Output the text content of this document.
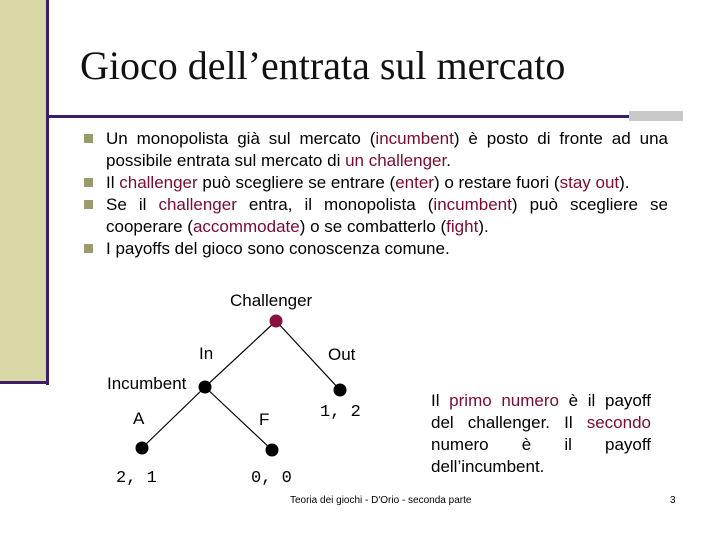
Gioco dell’entrata sul mercato
Un monopolista già sul mercato (incumbent) è posto di fronte ad una possibile entrata sul mercato di un challenger.
Il challenger può scegliere se entrare (enter) o restare fuori (stay out).
Se il challenger entra, il monopolista (incumbent) può scegliere se cooperare (accommodate) o se combatterlo (fight).
I payoffs del gioco sono conoscenza comune.
Challenger
In	Out
Incumbent
A	F	1, 2
2, 1	0, 0
Il primo numero è il payoff del challenger. Il secondo numero è il payoff dell’incumbent.
Teoria dei giochi - D'Orio - seconda parte	3
